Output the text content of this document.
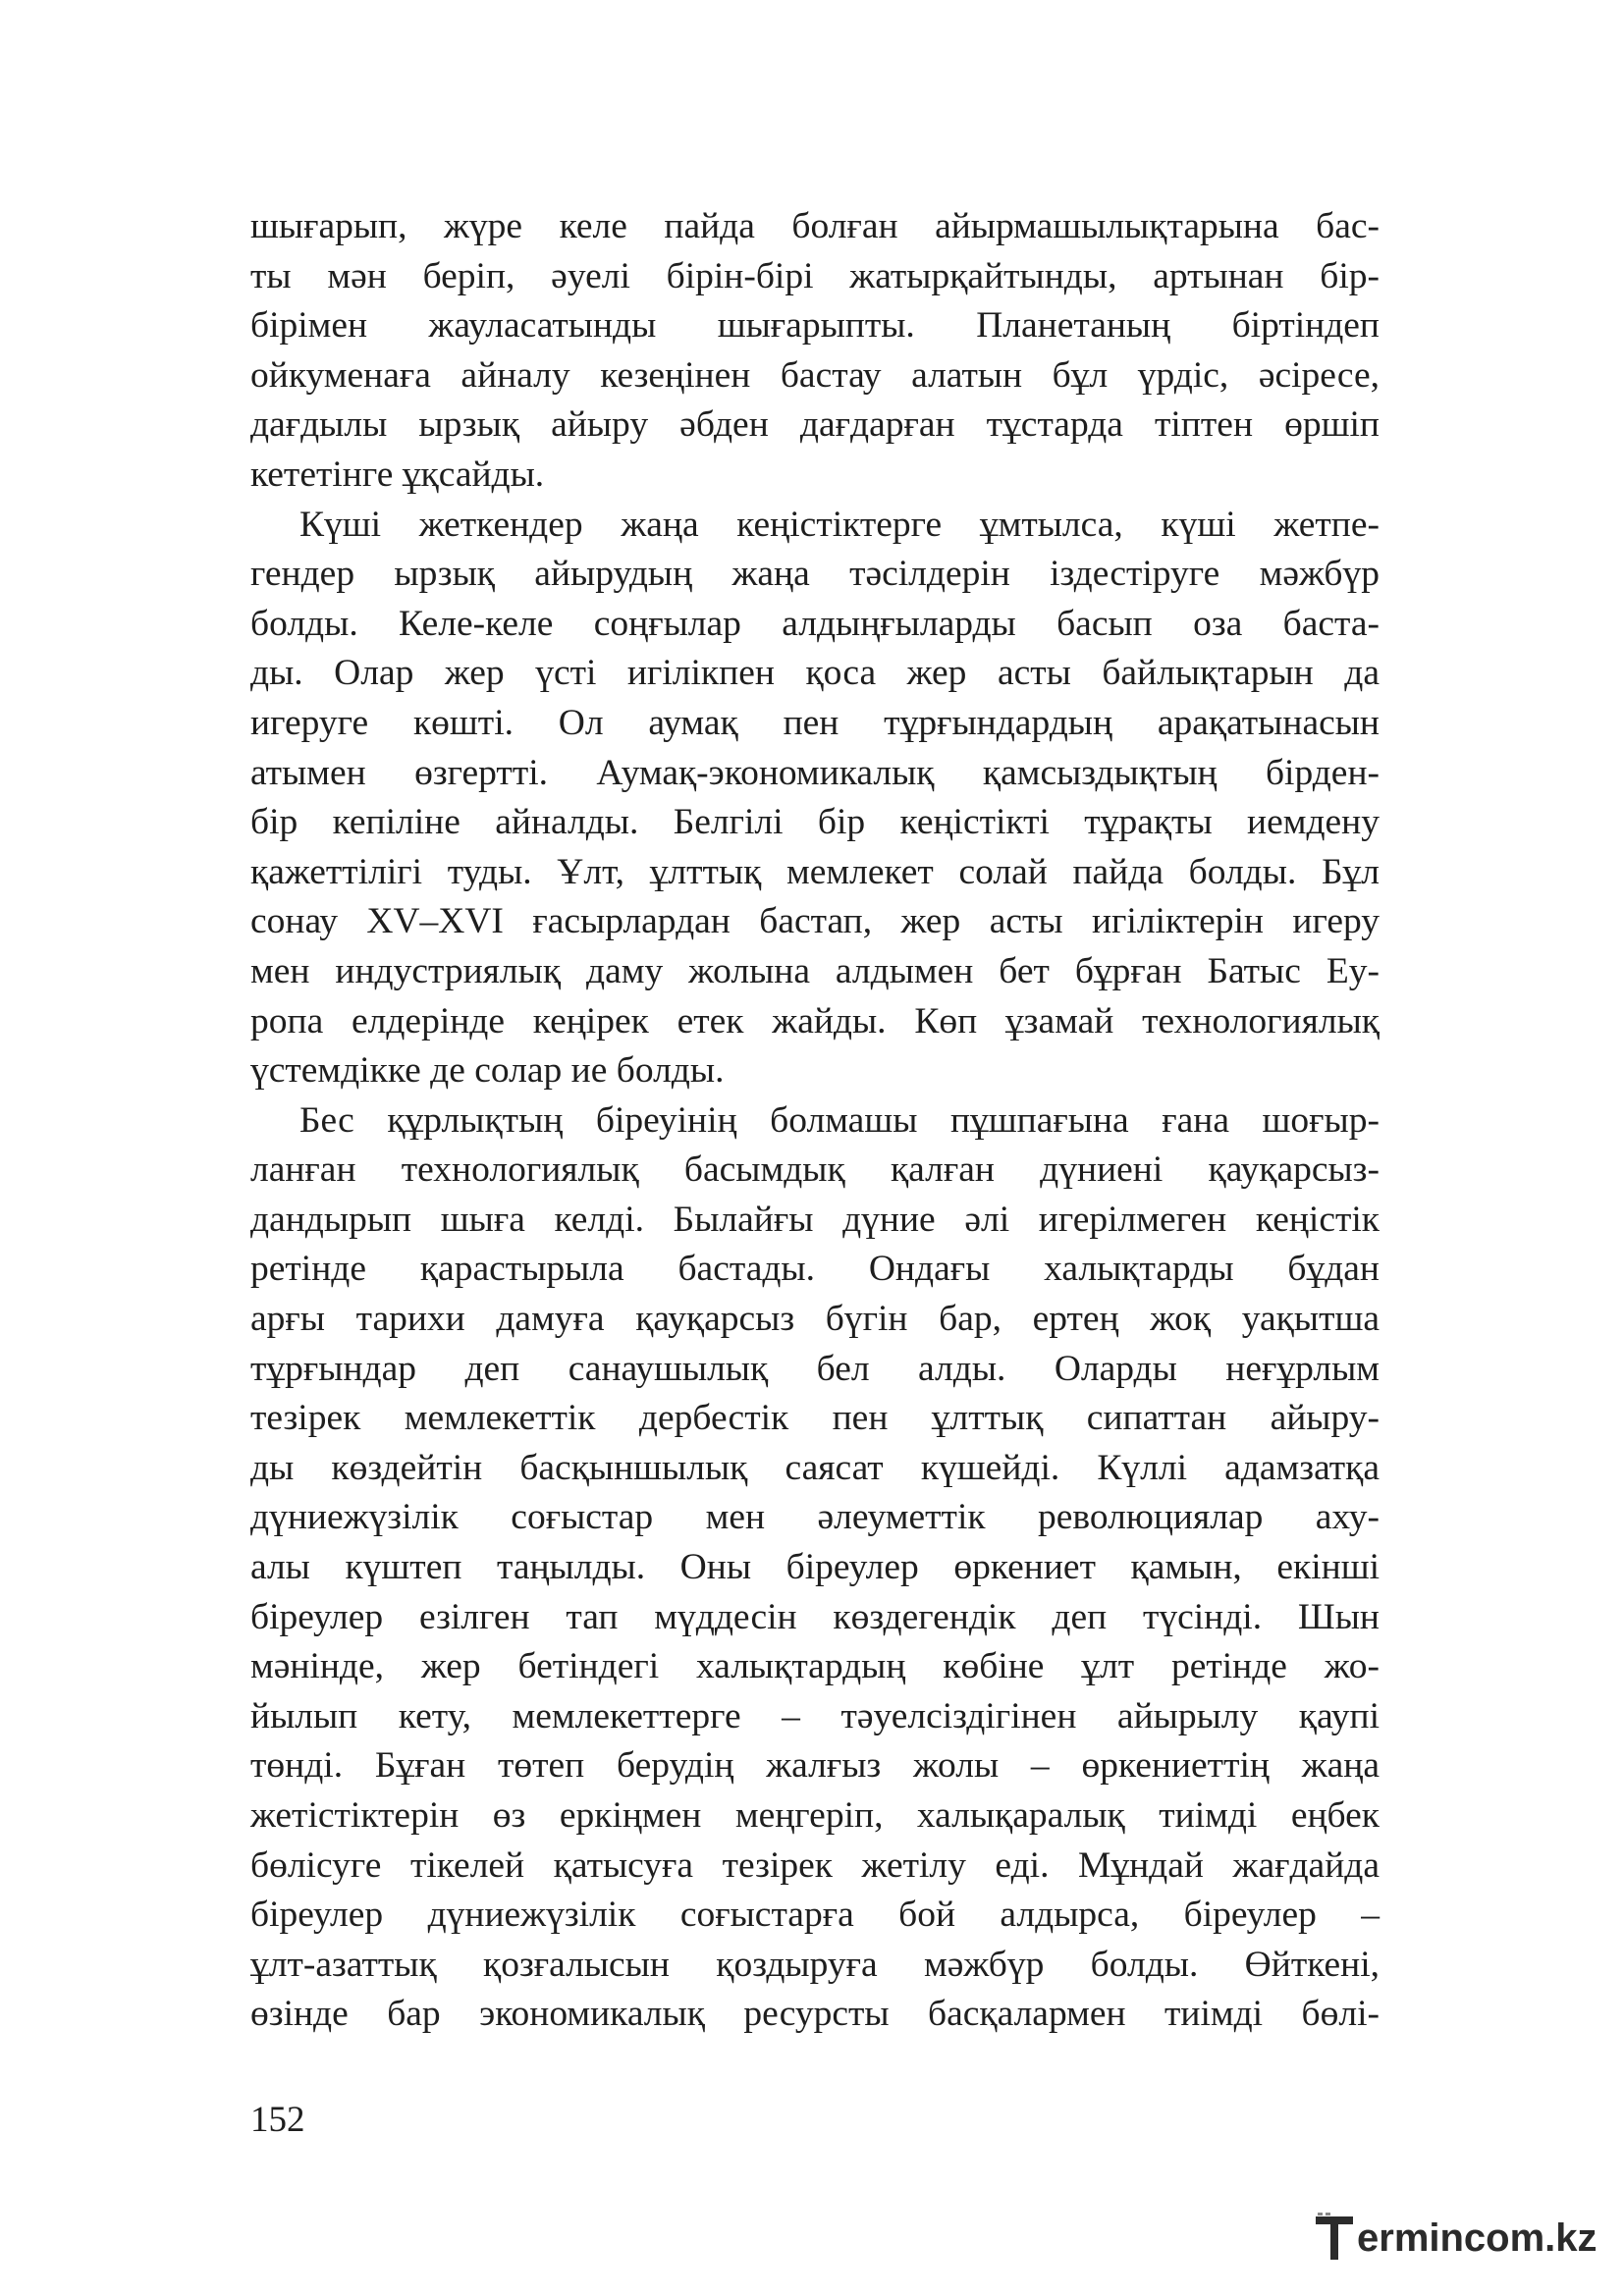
шығарып, жүре келе пайда болған айырмашылықтарына бас-
ты мән беріп, әуелі бірін-бірі жатырқайтынды, артынан бір-
бірімен жауласатынды шығарыпты. Планетаның біртіндеп
ойкуменаға айналу кезеңінен бастау алатын бұл үрдіс, әсіресе,
дағдылы ырзық айыру әбден дағдарған тұстарда тіптен өршіп
кететінге ұқсайды.
Күші жеткендер жаңа кеңістіктерге ұмтылса, күші жетпе-
гендер ырзық айырудың жаңа тәсілдерін іздестіруге мәжбүр
болды. Келе-келе соңғылар алдыңғыларды басып оза баста-
ды. Олар жер үсті игілікпен қоса жер асты байлықтарын да
игеруге көшті. Ол аумақ пен тұрғындардың арақатынасын
атымен өзгертті. Аумақ-экономикалық қамсыздықтың бірден-
бір кепіліне айналды. Белгілі бір кеңістікті тұрақты иемдену
қажеттілігі туды. Ұлт, ұлттық мемлекет солай пайда болды. Бұл
сонау XV–XVI ғасырлардан бастап, жер асты игіліктерін игеру
мен индустриялық даму жолына алдымен бет бұрған Батыс Еу-
ропа елдерінде кеңірек етек жайды. Көп ұзамай технологиялық
үстемдікке де солар ие болды.
Бес құрлықтың біреуінің болмашы пұшпағына ғана шоғыр-
ланған технологиялық басымдық қалған дүниені қауқарсыз-
дандырып шыға келді. Былайғы дүние әлі игерілмеген кеңістік
ретінде қарастырыла бастады. Ондағы халықтарды бұдан
арғы тарихи дамуға қауқарсыз бүгін бар, ертең жоқ уақытша
тұрғындар деп санаушылық бел алды. Оларды неғұрлым
тезірек мемлекеттік дербестік пен ұлттық сипаттан айыру-
ды көздейтін басқыншылық саясат күшейді. Күллі адамзатқа
дүниежүзілік соғыстар мен әлеуметтік революциялар аху-
алы күштеп таңылды. Оны біреулер өркениет қамын, екінші
біреулер езілген тап мүддесін көздегендік деп түсінді. Шын
мәнінде, жер бетіндегі халықтардың көбіне ұлт ретінде жо-
йылып кету, мемлекеттерге – тәуелсіздігінен айырылу қаупі
төнді. Бұған төтеп берудің жалғыз жолы – өркениеттің жаңа
жетістіктерін өз еркіңмен меңгеріп, халықаралық тиімді еңбек
бөлісуге тікелей қатысуға тезірек жетілу еді. Мұндай жағдайда
біреулер дүниежүзілік соғыстарға бой алдырса, біреулер –
ұлт-азаттық қозғалысын қоздыруға мәжбүр болды. Өйткені,
өзінде бар экономикалық ресурсты басқалармен тиімді бөлі-
152
ermincom.kz
